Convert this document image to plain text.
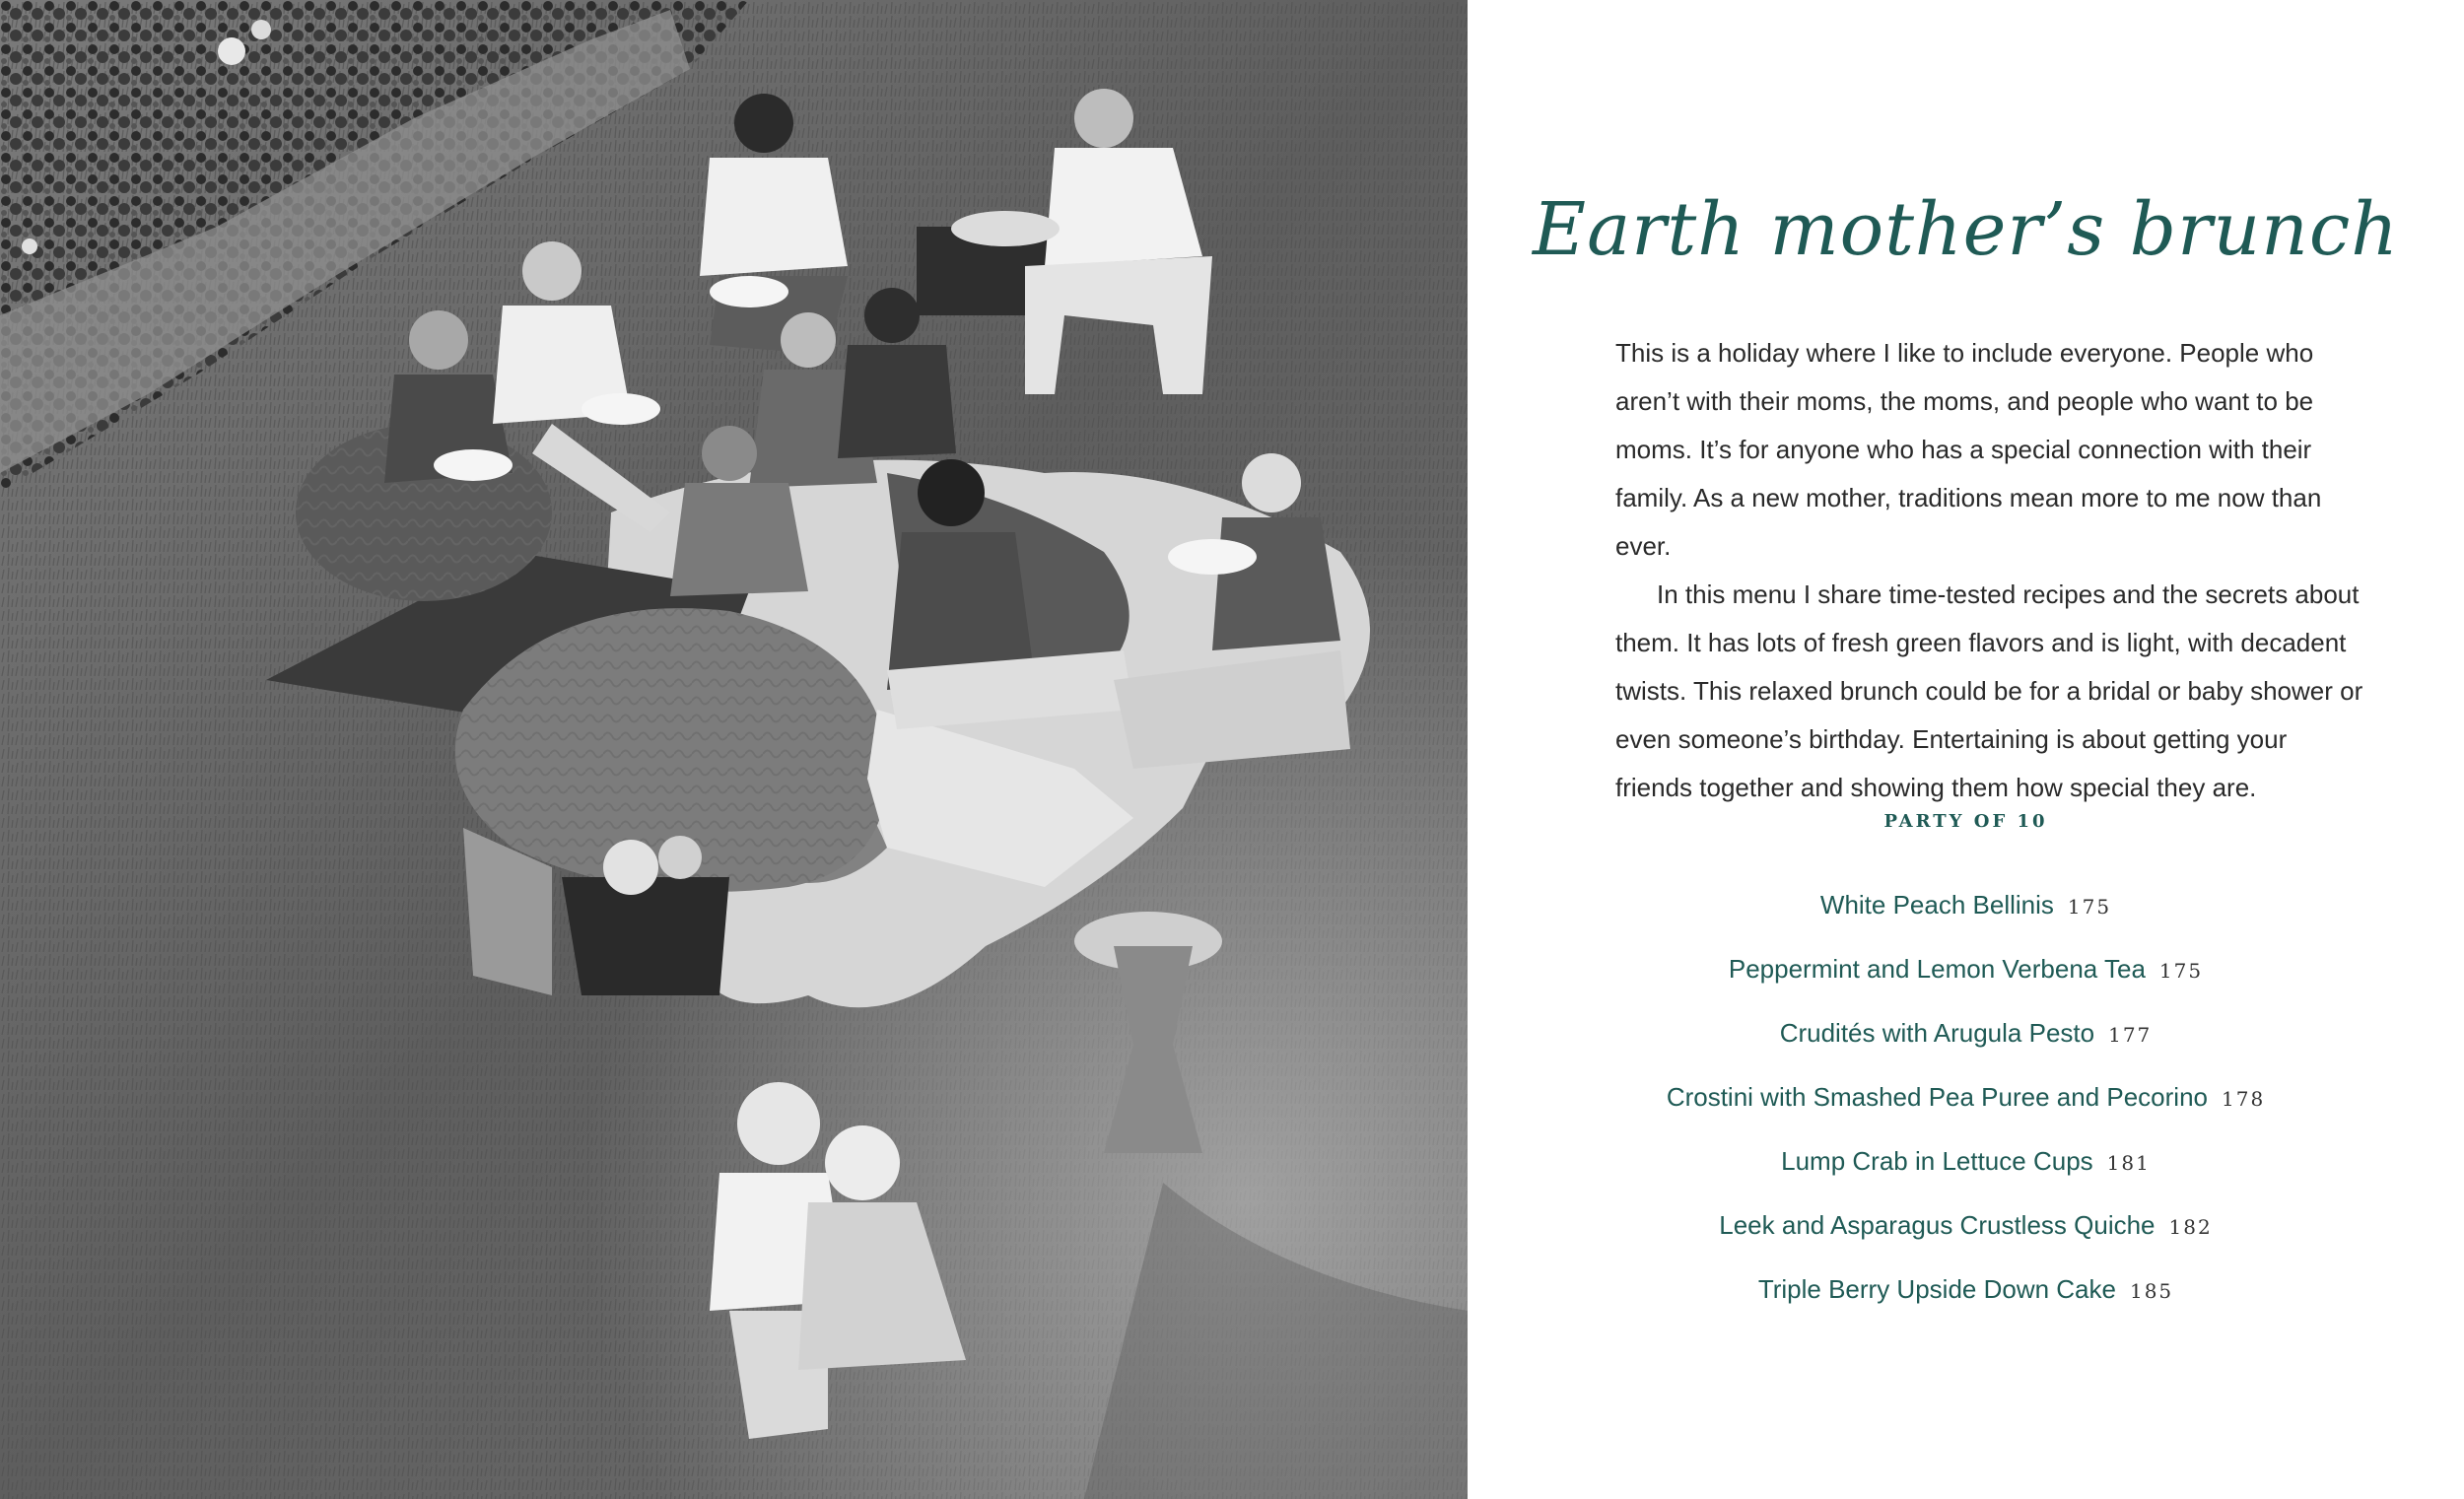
Earth mother’s brunch

This is a holiday where I like to include everyone. People who aren’t with their moms, the moms, and people who want to be moms. It’s for anyone who has a special connection with their family. As a new mother, traditions mean more to me now than ever.

In this menu I share time-tested recipes and the secrets about them. It has lots of fresh green flavors and is light, with decadent twists. This relaxed brunch could be for a bridal or baby shower or even someone’s birthday. Entertaining is about getting your friends together and showing them how special they are.

PARTY OF 10
White Peach Bellinis 175
Peppermint and Lemon Verbena Tea 175
Crudités with Arugula Pesto 177
Crostini with Smashed Pea Puree and Pecorino 178
Lump Crab in Lettuce Cups 181
Leek and Asparagus Crustless Quiche 182
Triple Berry Upside Down Cake 185
